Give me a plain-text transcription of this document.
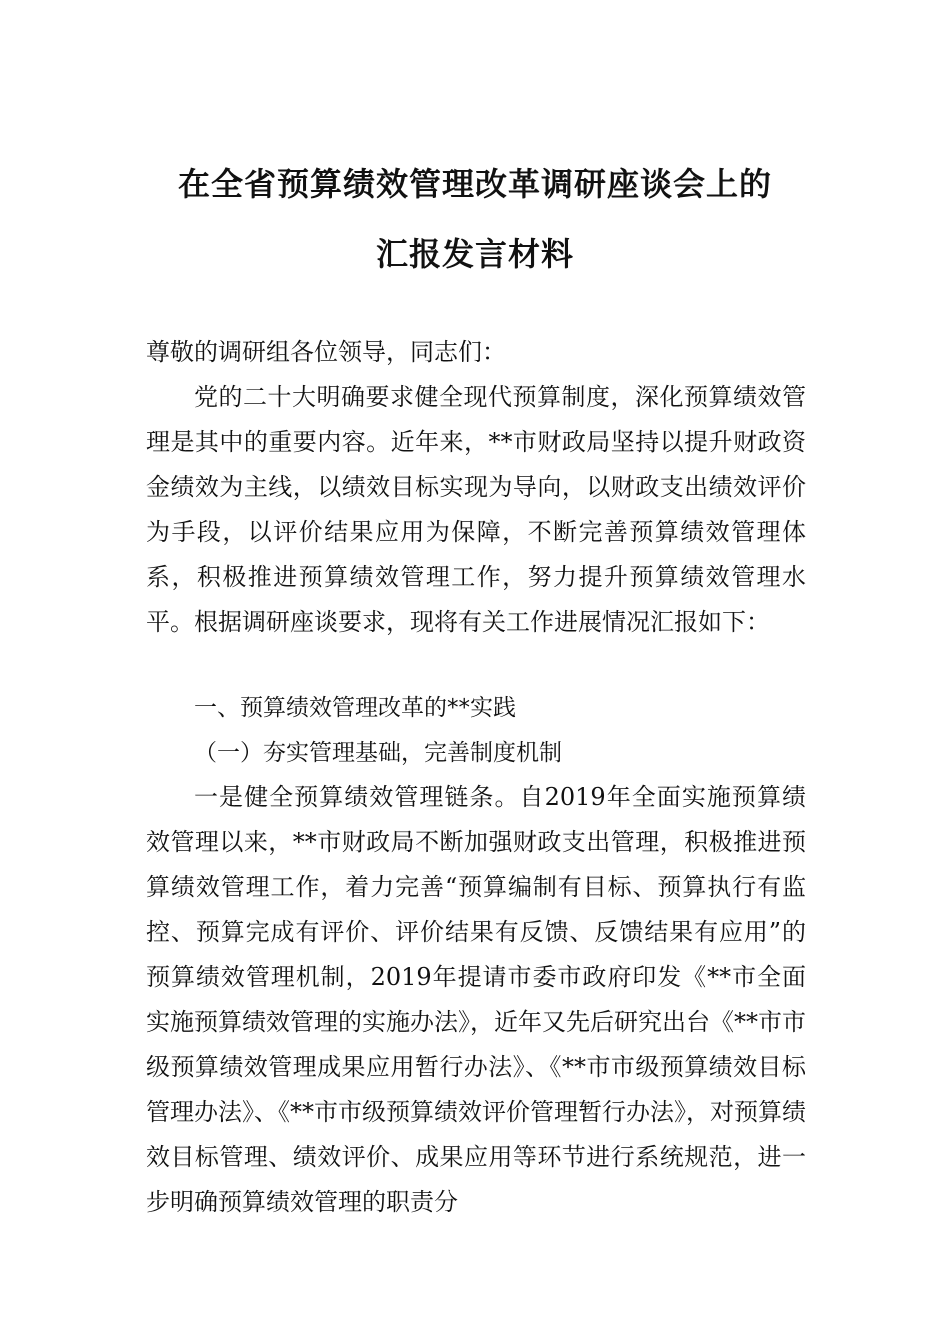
在全省预算绩效管理改革调研座谈会上的
汇报发言材料
尊敬的调研组各位领导，同志们：
党的二十大明确要求健全现代预算制度，深化预算绩效管理是其中的重要内容。近年来，**市财政局坚持以提升财政资金绩效为主线，以绩效目标实现为导向，以财政支出绩效评价为手段，以评价结果应用为保障，不断完善预算绩效管理体系，积极推进预算绩效管理工作，努力提升预算绩效管理水平。根据调研座谈要求，现将有关工作进展情况汇报如下：
一、预算绩效管理改革的**实践
（一）夯实管理基础，完善制度机制
一是健全预算绩效管理链条。自2019年全面实施预算绩效管理以来，**市财政局不断加强财政支出管理，积极推进预算绩效管理工作，着力完善“预算编制有目标、预算执行有监控、预算完成有评价、评价结果有反馈、反馈结果有应用”的预算绩效管理机制，2019年提请市委市政府印发《**市全面实施预算绩效管理的实施办法》，近年又先后研究出台《**市市级预算绩效管理成果应用暂行办法》、《**市市级预算绩效目标管理办法》、《**市市级预算绩效评价管理暂行办法》，对预算绩效目标管理、绩效评价、成果应用等环节进行系统规范，进一步明确预算绩效管理的职责分
